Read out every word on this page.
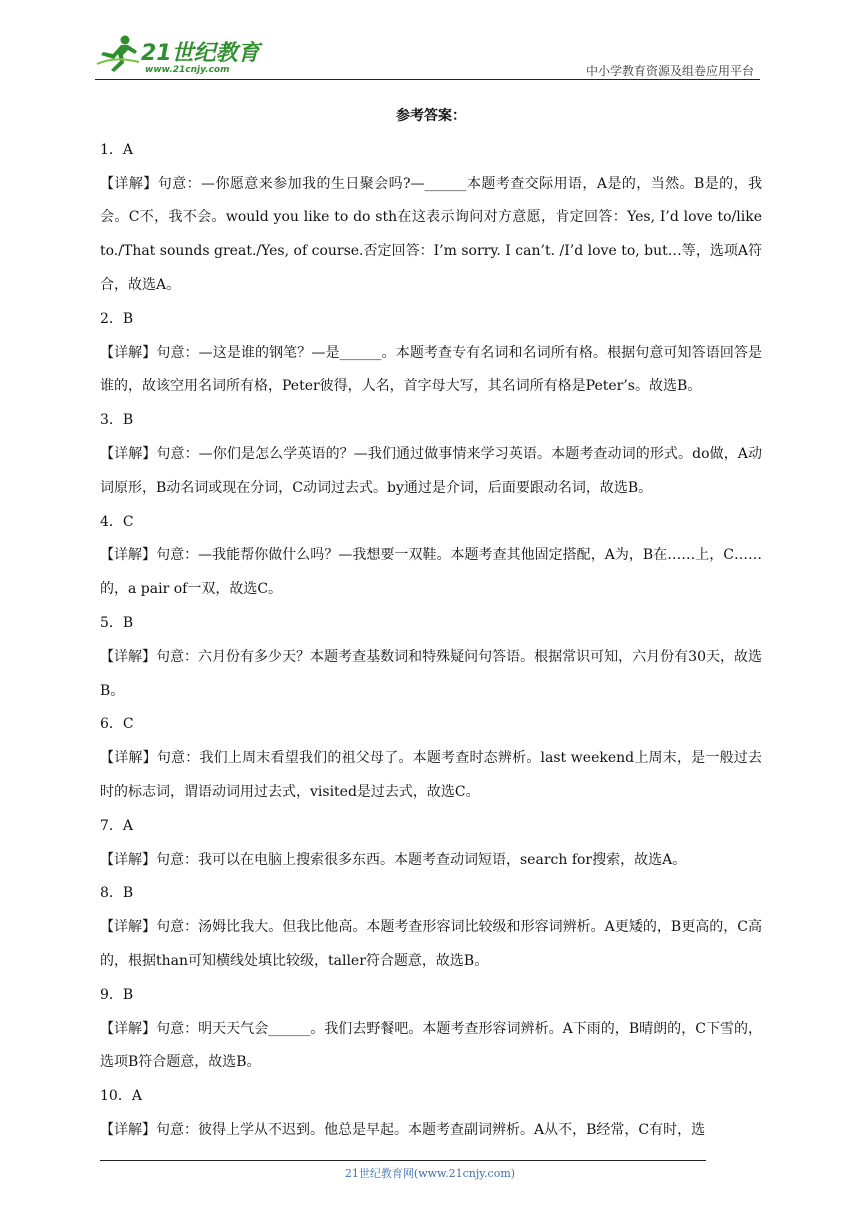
21世纪教育
www.21cnjy.com	中小学教育资源及组卷应用平台
参考答案：

1．A

【详解】句意：—你愿意来参加我的生日聚会吗?—______本题考查交际用语，A是的，当然。B是的，我会。C不，我不会。would you like to do sth在这表示询问对方意愿，肯定回答：Yes, I’d love to/like to./That sounds great./Yes, of course.否定回答：I’m sorry. I can’t. /I’d love to, but…等，选项A符合，故选A。

2．B

【详解】句意：—这是谁的钢笔？—是______。本题考查专有名词和名词所有格。根据句意可知答语回答是谁的，故该空用名词所有格，Peter彼得，人名，首字母大写，其名词所有格是Peter’s。故选B。

3．B

【详解】句意：—你们是怎么学英语的？—我们通过做事情来学习英语。本题考查动词的形式。do做，A动词原形，B动名词或现在分词，C动词过去式。by通过是介词，后面要跟动名词，故选B。

4．C

【详解】句意：—我能帮你做什么吗？—我想要一双鞋。本题考查其他固定搭配，A为，B在……上，C……的，a pair of一双，故选C。

5．B

【详解】句意：六月份有多少天？本题考查基数词和特殊疑问句答语。根据常识可知，六月份有30天，故选B。

6．C

【详解】句意：我们上周末看望我们的祖父母了。本题考查时态辨析。last weekend上周末，是一般过去时的标志词，谓语动词用过去式，visited是过去式，故选C。

7．A

【详解】句意：我可以在电脑上搜索很多东西。本题考查动词短语，search for搜索，故选A。

8．B

【详解】句意：汤姆比我大。但我比他高。本题考查形容词比较级和形容词辨析。A更矮的，B更高的，C高的，根据than可知横线处填比较级，taller符合题意，故选B。

9．B

【详解】句意：明天天气会______。我们去野餐吧。本题考查形容词辨析。A下雨的，B晴朗的，C下雪的，选项B符合题意，故选B。

10．A

【详解】句意：彼得上学从不迟到。他总是早起。本题考查副词辨析。A从不，B经常，C有时，选

21世纪教育网(www.21cnjy.com)
